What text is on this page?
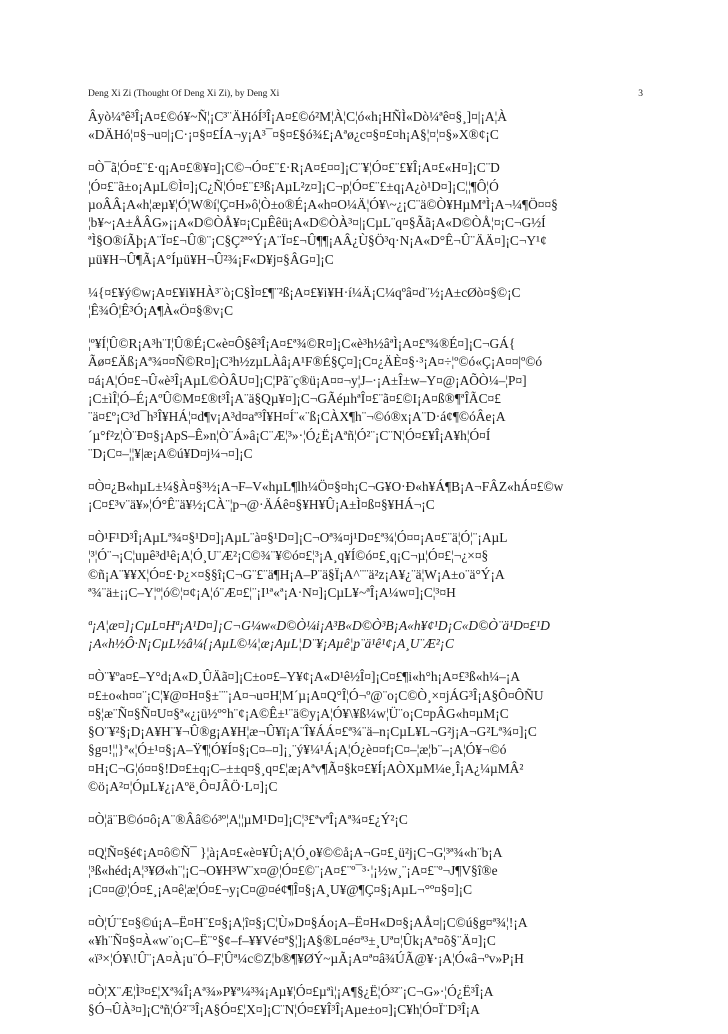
Deng Xi Zi (Thought Of Deng Xi Zi), by Deng Xi	3
Âyò¼ªê³Î¡A¤£©ó¥~Ñ¦¡C³¨ÄHóÍ³Î¡A¤£©ó²M¦À¦C¦ó«h¡HÑÌ«Dò¼ªê¤§¸]¤|¡A¦À
«DÄHó¦¤§¬u¤|¡C·¡¤§¤£ÍA¬y¡A³¯¤§¤£§ó¾£¡Aªø¿c¤§¤£¤h¡A§¦¤¦¤§»X®¢¡C
¤Ò¯ã¦Ó¤£¨£·q¡A¤£®¥¤]¡C©¬Ó¤£¨£·R¡A¤£¤¤]¡C¨¥¦Ó¤£¨£¥Î¡A¤£«H¤]¡C¨D
¦Ó¤£¨ã±o¡AµL©Ì¤]¡C¿Ñ¦Ó¤£¨£³ß¡AµL²z¤]¡C¬p¦Ó¤£¨£±q¡A¿ò¹D¤]¡C¦¦¶Ô¦Ó
µoÂÂ¡A«h¦æµ¥¦Ó¦W®í¦Ç¤H»ô¦Ò±o®É¡A«h¤O¼Ä¦Ó¥\~¿¡C¨ä©Ò¥HµMªÌ¡A¬¼¶Ö¤¤§
¦b¥~¡A±ÅÂG»¡¡A«D©ÒÅ¥¤¡CµÊêü¡A«D©ÒÀ³¤|¡CµL¨q¤§Ãã¡A«D©ÒÅ¦¤¡C¬G½Í
ªÌ§O®íÃþ¡A¨Ï¤£¬Û®¨¡C§Ç²ª°Ý¡A¨Ï¤£¬Û¶¶¡AÂ¿Ù§Ö³q·N¡A«D°Ê¬Û¨ÄÄ¤]¡C¬Y¹¢
µü¥H¬Û¶Ã¡A°Íµü¥H¬Û²¾¡F«D¥j¤§ÂG¤]¡C
¼{¤£¥ý©w¡A¤£¥i¥HÀ³¨ò¡C§Ì¤£¶¨²ß¡A¤£¥i¥H·í¼Ä¡C¼qºâ¤d¨½¡A±cØò¤§©¡C
¦Ê¾Ô¦Ê³Ó¡A¶À«Ö¤§®v¡C
¦º¥Í¦Û©R¡A³h¨I¦Û®É¡C«è¤Ô§ê³Î¡A¤£ª¾©R¤]¡C«è³h½âªÌ¡A¤£ª¾®É¤]¡C¬GÁ{
Ãø¤£Äß¡Aª¾¤¤Ñ©R¤]¡C³h½zµLÀâ¡A¹F®É§Ç¤]¡C¤¿ÄÈ¤§·³¡A¤÷¦º©ó«Ç¡A¤¤|º©ó
¤á¡A¦Ó¤£¬Û«è³Î¡AµL©ÒÂU¤]¡C¦Pã¨ç®ü¡A¤¤¬y¦J–·¡A±Î±w–Y¤@¡AÕÒ¼–¦P¤]
¡C±ìÎ¦Ó–É¡AºÛ©M¤£®t³Î¡A¨ä§Qµ¥¤]¡C¬GÃéµhªÎ¤£¨ã¤£©I¡A¤ß®¶ªÎÃC¤£
¨ä¤£º¡C³d¯h³Î¥HÁ¦¤d¶v¡A³d¤aª³Î¥H¤Í¨«¨ß¡CÀX¶h¨¬©ó®x¡A¨D·á¢¶©óÂe¡A
´µ°f²z¦Ò¨Ð¤§¡ApS–Ê»n¦Ò¨Á»â¡C¨Æ¦³»·¦Ó¿Ë¡Aªñ¦Ó²¨¡C¨N¦Ó¤£¥Î¡A¥h¦Ó¤Í
¨D¡C¤–¦¦¥|æ¡A©ú¥D¤j¼¬¤]¡C
¤Ò¤¿B«hµL±¼§À¤§³½¡A¬F–V«hµL¶lh¼Ö¤§¤h¡C¬G¥O·Ð«h¥Á¶B¡A¬FÂZ«hÁ¤£©w
¡C¤£³v¨ä¥»¦Ó°Ê¨ä¥½¡CÀ¨¦p¬@·ÄÁê¤§¥H¥Û¡A±Ì¤ß¤§¥HÁ¬¡C
¤Ò¹F¹D³Î¡AµLª¾¤§¹D¤]¡AµL¨à¤§¹D¤]¡C¬Oª¾¤j¹D¤£ª¾¦Ó¤¤¡A¤£¨ä¦Ó¦¨¡AµL
¦³¦Ó¨¬¡C¦uµê³d¹ê¡A¦Ó¸U¨Æ²¡C©¾¨¥©ó¤£¦³¡A¸q¥Í©ó¤£¸q¡C¬µ¦Ó¤£¦¬¿×¤§
©ñ¡A¨¥¥X¦Ó¤£·Þ¿×¤§§î¡C¬G¨£¨ä¶H¡A–P¨ä§Ï¡A^¨¨ä²z¡A¥¿¨ä¦W¡A±o¨ä°Ý¡A
ª¾¨ä±¡¡C–Y¦º¦ó©¦¤¢¡A¦ó¨Æ¤£¦¨¡I¹ª«ª¡A·N¤]¡CµL¥~ªÎ¡A¼w¤]¡C¦³¤H
ª¡A¦æ¤]¡CµL¤Hª¡A¹D¤]¡C¬G¼w«D©Ò¼i¡A³B«D©Ò³B¡A«h¥¢¹D¡C«D©Ò¨ä¹D¤£¹D
¡A«h½Ô·N¡CµL½â¼{¡AµL©¼¦æ¡AµL¦D¨¥¡Aµê¦p¨ä¹ê¹¢¡A¸U¨Æ²¡C
¤Ò¨¥ºa¤£–Y°d¡A«D¸ÛÄã¤]¡C±o¤£–Y¥¢¡A«D¹ê½Î¤]¡C¤£¶i«h°h¡A¤£³ß«h¼–¡A
¤£±o«h¤¤¨¡C¦¥@¤H¤§±¨¨¡A¤¬u¤H¦M´µ¡A¤Q°Î¦Ó¬º@¨o¡C©Ò¸×¤jÁG³Î¡A§Ô¤ÔÑU
¤§¦æ¨Ñ¤§Ñ¤U¤§ª«¿¡ü½º°h¨¢¡A©Ê±¹¨ä©y¡A¦Ó¥\¥ß¼w¦Ü¨o¡C¤pÂG«h¤µM¡C
§O¨¥²§¡D¡A¥H¨¥¬Û®g¡A¥H¦æ¬Û¥ï¡A¨Î¥ÁÁ¤£ª¾¨ä–n¡CµL¥L¬G²j¡A¬G²Lª¾¤]¡C
§g¤!¦¦}ª«¦Ó±¹¤§¡A–Ÿ¶¦Ó¥Í¤§¡C¤–¤]¡¸¨ý¥¼¹Á¡A¦Ó¿è¤¤f¡C¤–¦æ¦b¨–¡A¦Ó¥¬©ó
¤H¡C¬G¦ó¤¤§!D¤£±q¡C–±±q¤§¸q¤£¦æ¡Aªv¶Ã¤§k¤£¥Í¡AÒXµM¼e¸Î¡A¿¼µMÂ²
©ö¡A²¤¦ÓµL¥¿¡Aºë¸Ô¤JÂÖ·L¤]¡C
¤Ò¦ä¨B©ó¤ô¡A¨®Ââ©ó³º¦A¦¦µM¹D¤]¡C¦³£ªvªÎ¡Aª¾¤£¿Ý²¡C
¤Q¦Ñ¤§é¢¡A¤ô©Ñ¯ }¦à¡A¤£«è¤¥Û¡A¦Ó¸o¥©©å¡A¬G¤£¸ü²j¡C¬G¦³ª¾«h¨b¡A
¦³ß«héd¡A¦³¥Ø«h¨¦¡C¬O¥H³W¨x¤@¦Ó¤£©¨¡A¤£¨º¯³·¦¡½w¸¨¡A¤£¨º¬J¶V§î®e
¡C¤¤@¦Ó¤£¸¡A¤ê¦æ¦Ó¤£¬y¡C¤@¤é¢¶Î¤§¡A¸U¥@¶Ç¤§¡AµL¬°º¤§¤]¡C
¤Ò¦Ú¨£¤§©ú¡A–Ë¤H¨£¤§¡A¦î¤§¡C¦Ù»D¤§Áo¡A–Ë¤H«D¤§¡AÅ¤|¡C©ú§g¤ª¾¦!¡A
«¥h¨Ñ¤§¤À«w¨o¡C–Ë¨°§¢–f–¥¥Vé¤ª§¦]¡A§®L¤é¤ª³±¸Uª¤¦Ûk¡Aª¤õ§¨Ä¤]¡C
«ï³×¦Ó¥\!Û¨¡A¤À¡u¨Ó–F¦Ûª¼c©Z¦b®¶¥ØÝ~µÃ¡A¤ª¤â¾ÚÃ@¥·¡A¦Ó«â¬ºv»P¡H
¤Ò¦X¨Æ¦Ì³¤£¦Xª¾Î¡Aª¾»P¥ª¼³¾¡Aµ¥¦Ó¤£µªì¦¡A¶§¿Ë¦Ó³²¨¡C¬G»·¦Ó¿Ë³Î¡A
§Ó¬ÛÀ³¤]¡Cªñ¦Ó²¨³Î¡A§Ó¤£¦X¤]¡C¨N¦Ó¤£¥Î³Î¡Aµe±o¤]¡C¥h¦Ó¤Ï¨D³Î¡A
